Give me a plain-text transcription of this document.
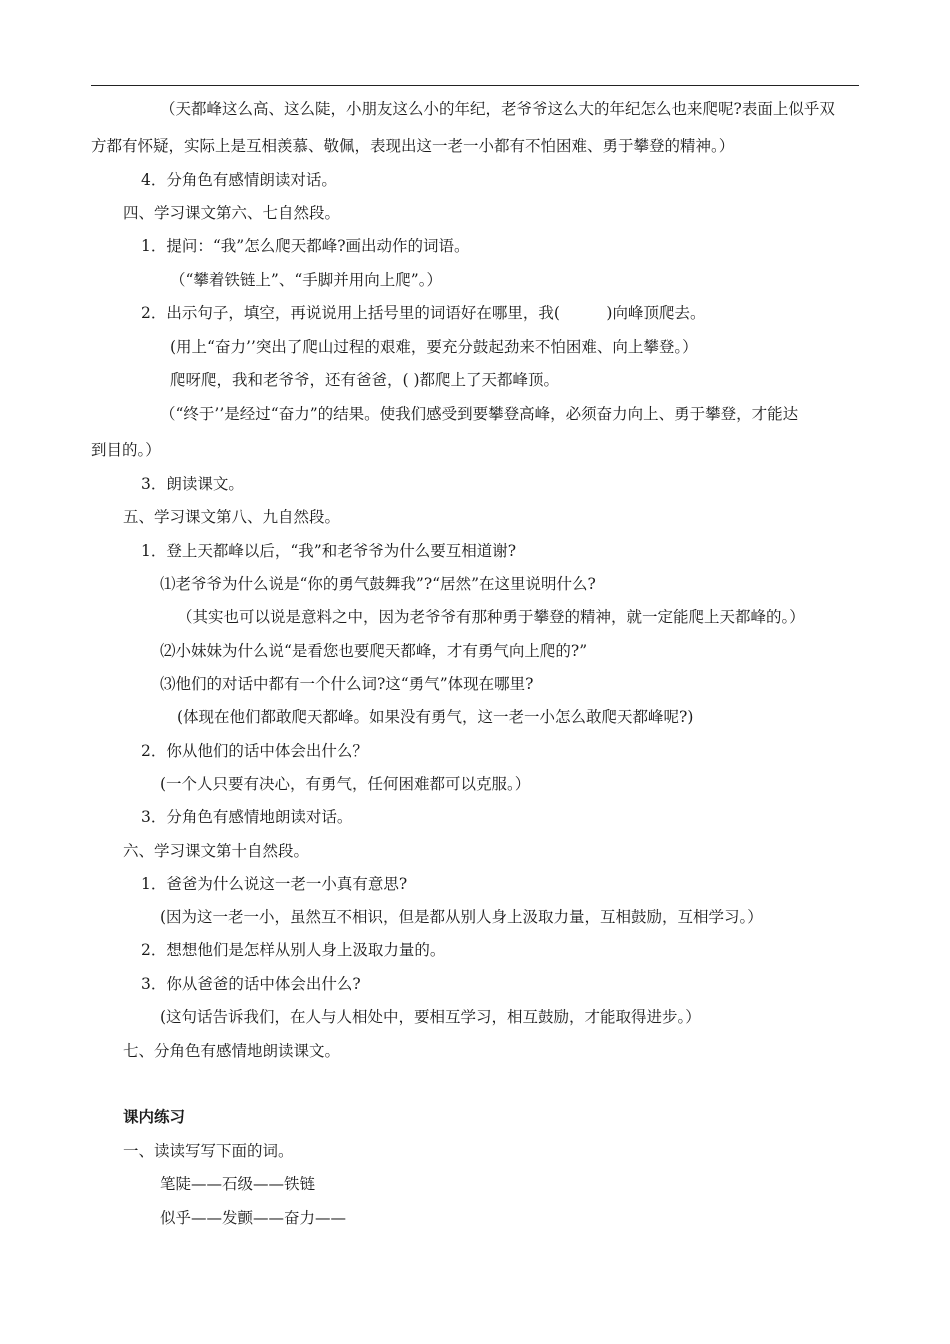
（天都峰这么高、这么陡，小朋友这么小的年纪，老爷爷这么大的年纪怎么也来爬呢?表面上似乎双
方都有怀疑，实际上是互相羡慕、敬佩，表现出这一老一小都有不怕困难、勇于攀登的精神。）
4．分角色有感情朗读对话。
四、学习课文第六、七自然段。
1．提问：“我”怎么爬天都峰?画出动作的词语。
（“攀着铁链上”、“手脚并用向上爬”。）
2．出示句子，填空，再说说用上括号里的词语好在哪里，我(　　　)向峰顶爬去。
(用上“奋力’’突出了爬山过程的艰难，要充分鼓起劲来不怕困难、向上攀登。）
爬呀爬，我和老爷爷，还有爸爸，( )都爬上了天都峰顶。
（“终于’’是经过“奋力”的结果。使我们感受到要攀登高峰，必须奋力向上、勇于攀登，才能达
到目的。）
3．朗读课文。
五、学习课文第八、九自然段。
1．登上天都峰以后，“我”和老爷爷为什么要互相道谢?
⑴老爷爷为什么说是“你的勇气鼓舞我”?“居然”在这里说明什么?
（其实也可以说是意料之中，因为老爷爷有那种勇于攀登的精神，就一定能爬上天都峰的。）
⑵小妹妹为什么说“是看您也要爬天都峰，才有勇气向上爬的?”
⑶他们的对话中都有一个什么词?这“勇气”体现在哪里?
(体现在他们都敢爬天都峰。如果没有勇气，这一老一小怎么敢爬天都峰呢?)
2．你从他们的话中体会出什么？
(一个人只要有决心，有勇气，任何困难都可以克服。）
3．分角色有感情地朗读对话。
六、学习课文第十自然段。
1．爸爸为什么说这一老一小真有意思?
(因为这一老一小，虽然互不相识，但是都从别人身上汲取力量，互相鼓励，互相学习。）
2．想想他们是怎样从别人身上汲取力量的。
3．你从爸爸的话中体会出什么?
(这句话告诉我们，在人与人相处中，要相互学习，相互鼓励，才能取得进步。）
七、分角色有感情地朗读课文。
课内练习
一、读读写写下面的词。
笔陡——石级——铁链
似乎——发颤——奋力——
